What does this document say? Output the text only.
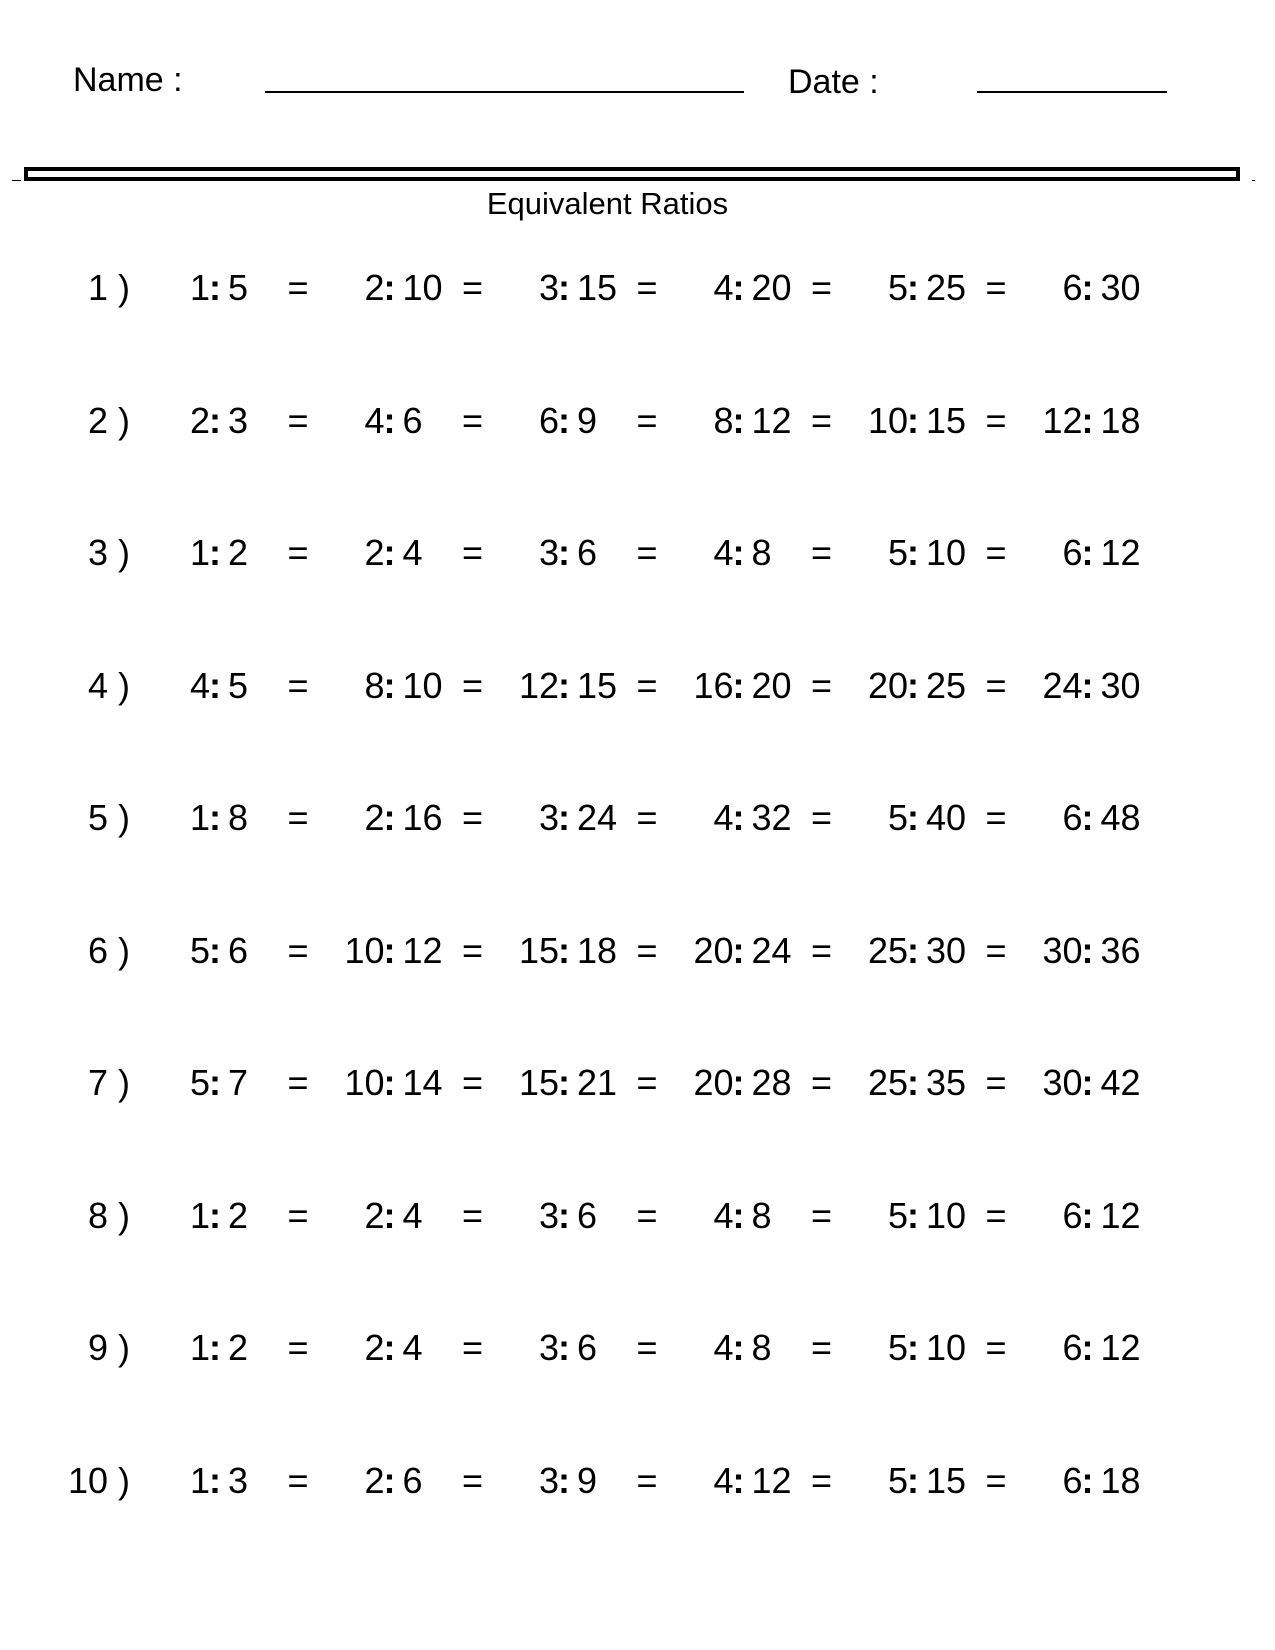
Name :	Date :
Equivalent Ratios
1 ) 1 : 5 = 2 : 10 = 3 : 15 = 4 : 20 = 5 : 25 = 6 : 30
2 ) 2 : 3 = 4 : 6 = 6 : 9 = 8 : 12 = 10 : 15 = 12 : 18
3 ) 1 : 2 = 2 : 4 = 3 : 6 = 4 : 8 = 5 : 10 = 6 : 12
4 ) 4 : 5 = 8 : 10 = 12 : 15 = 16 : 20 = 20 : 25 = 24 : 30
5 ) 1 : 8 = 2 : 16 = 3 : 24 = 4 : 32 = 5 : 40 = 6 : 48
6 ) 5 : 6 = 10 : 12 = 15 : 18 = 20 : 24 = 25 : 30 = 30 : 36
7 ) 5 : 7 = 10 : 14 = 15 : 21 = 20 : 28 = 25 : 35 = 30 : 42
8 ) 1 : 2 = 2 : 4 = 3 : 6 = 4 : 8 = 5 : 10 = 6 : 12
9 ) 1 : 2 = 2 : 4 = 3 : 6 = 4 : 8 = 5 : 10 = 6 : 12
10 ) 1 : 3 = 2 : 6 = 3 : 9 = 4 : 12 = 5 : 15 = 6 : 18
